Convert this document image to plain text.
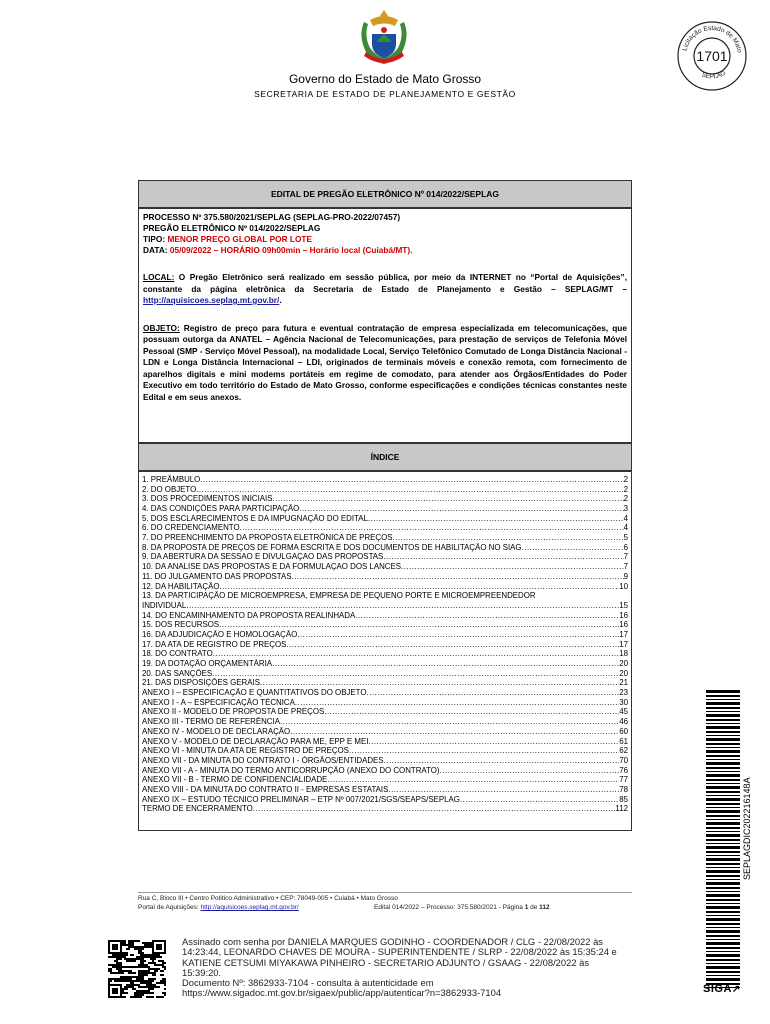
Governo do Estado de Mato Grosso
SECRETARIA DE ESTADO DE PLANEJAMENTO E GESTÃO
Licitação Estado de Mato
SEPLAG
1701
EDITAL DE PREGÃO ELETRÔNICO Nº 014/2022/SEPLAG
PROCESSO Nº 375.580/2021/SEPLAG (SEPLAG-PRO-2022/07457)
PREGÃO ELETRÔNICO Nº 014/2022/SEPLAG
TIPO: MENOR PREÇO GLOBAL POR LOTE
DATA: 05/09/2022 – HORÁRIO 09h00min – Horário local (Cuiabá/MT).
LOCAL: O Pregão Eletrônico será realizado em sessão pública, por meio da INTERNET no “Portal de Aquisições”, constante da página eletrônica da Secretaria de Estado de Planejamento e Gestão – SEPLAG/MT – http://aquisicoes.seplag.mt.gov.br/.
OBJETO: Registro de preço para futura e eventual contratação de empresa especializada em telecomunicações, que possuam outorga da ANATEL – Agência Nacional de Telecomunicações, para prestação de serviços de Telefonia Móvel Pessoal (SMP - Serviço Móvel Pessoal), na modalidade Local, Serviço Telefônico Comutado de Longa Distância Nacional - LDN e Longa Distância Internacional – LDI, originados de terminais móveis e conexão remota, com fornecimento de aparelhos digitais e mini modems portáteis em regime de comodato, para atender aos Órgãos/Entidades do Poder Executivo em todo território do Estado de Mato Grosso, conforme especificações e condições técnicas constantes neste Edital e em seus anexos.
ÍNDICE
1. PREÂMBULO .....	2
2. DO OBJETO .....	2
3. DOS PROCEDIMENTOS INICIAIS .....	2
4. DAS CONDIÇÕES PARA PARTICIPAÇÃO .....	3
5. DOS ESCLARECIMENTOS E DA IMPUGNAÇÃO DO EDITAL .....	4
6. DO CREDENCIAMENTO .....	4
7. DO PREENCHIMENTO DA PROPOSTA ELETRÔNICA DE PREÇOS .....	5
8. DA PROPOSTA DE PREÇOS DE FORMA ESCRITA E DOS DOCUMENTOS DE HABILITAÇÃO NO SIAG .....	6
9. DA ABERTURA DA SESSÃO E DIVULGAÇÃO DAS PROPOSTAS .....	7
10. DA ANALISE DAS PROPOSTAS E DA FORMULAÇAO DOS LANCES .....	7
11. DO JULGAMENTO DAS PROPOSTAS .....	9
12. DA HABILITAÇÃO .....	10
13. DA PARTICIPAÇÃO DE MICROEMPRESA, EMPRESA DE PEQUENO PORTE E MICROEMPREENDEDOR
INDIVIDUAL .....	15
14. DO ENCAMINHAMENTO DA PROPOSTA REALINHADA .....	16
15. DOS RECURSOS .....	16
16. DA ADJUDICAÇÃO E HOMOLOGAÇÃO .....	17
17. DA ATA DE REGISTRO DE PREÇOS .....	17
18. DO CONTRATO .....	18
19. DA DOTAÇÃO ORÇAMENTÁRIA .....	20
20. DAS SANÇÕES .....	20
21. DAS DISPOSIÇÕES GERAIS .....	21
ANEXO I – ESPECIFICAÇÃO E QUANTITATIVOS DO OBJETO .....	23
ANEXO I - A – ESPECIFICAÇÃO TÉCNICA .....	30
ANEXO II - MODELO DE PROPOSTA DE PREÇOS .....	45
ANEXO III - TERMO DE REFERÊNCIA .....	46
ANEXO IV - MODELO DE DECLARAÇÃO .....	60
ANEXO V - MODELO DE DECLARAÇÃO PARA ME, EPP E MEI .....	61
ANEXO VI - MINUTA DA ATA DE REGISTRO DE PREÇOS .....	62
ANEXO VII - DA MINUTA DO CONTRATO I - ÓRGÃOS/ENTIDADES .....	70
ANEXO VII - A - MINUTA DO TERMO ANTICORRUPÇÃO (ANEXO DO CONTRATO) .....	76
ANEXO VII - B - TERMO DE CONFIDENCIALIDADE .....	77
ANEXO VIII - DA MINUTA DO CONTRATO II - EMPRESAS ESTATAIS .....	78
ANEXO IX – ESTUDO TÉCNICO PRELIMINAR – ETP Nº 007/2021/SGS/SEAPS/SEPLAG .....	85
TERMO DE ENCERRAMENTO .....	112	SEPLAGDIC202216148A
Rua C, Bloco III • Centro Político Administrativo • CEP: 78049-005 • Cuiabá • Mato Grosso
Portal de Aquisições: http://aquisicoes.seplag.mt.gov.br/	Edital 014/2022 – Processo: 375.580/2021 - Página 1 de 112
Assinado com senha por DANIELA MARQUES GODINHO - COORDENADOR / CLG - 22/08/2022 às
14:23:44, LEONARDO CHAVES DE MOURA - SUPERINTENDENTE / SLRP - 22/08/2022 às 15:35:24 e
KATIENE CETSUMI MIYAKAWA PINHEIRO - SECRETARIO ADJUNTO / GSAAG - 22/08/2022 às
15:39:20.
Documento Nº: 3862933-7104 - consulta à autenticidade em
https://www.sigadoc.mt.gov.br/sigaex/public/app/autenticar?n=3862933-7104	SIGA↗
